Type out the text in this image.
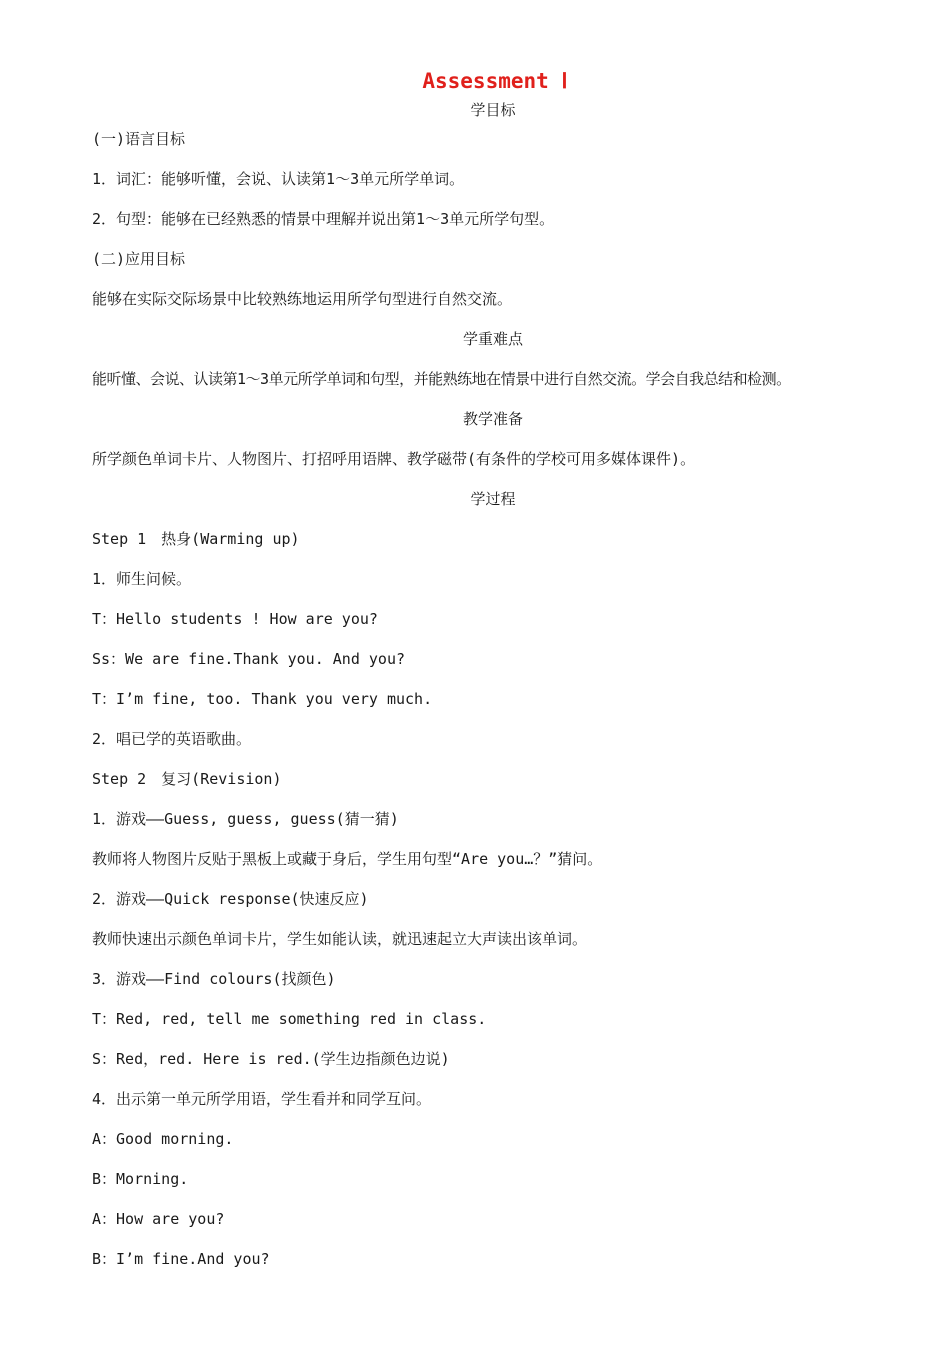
Assessment Ⅰ
学目标
(一)语言目标
1．词汇：能够听懂，会说、认读第1～3单元所学单词。
2．句型：能够在已经熟悉的情景中理解并说出第1～3单元所学句型。
(二)应用目标
能够在实际交际场景中比较熟练地运用所学句型进行自然交流。
学重难点
能听懂、会说、认读第1～3单元所学单词和句型，并能熟练地在情景中进行自然交流。学会自我总结和检测。
教学准备
所学颜色单词卡片、人物图片、打招呼用语牌、教学磁带(有条件的学校可用多媒体课件)。
学过程
Step 1　热身(Warming up)
1．师生问候。
T：Hello students ! How are you?
Ss：We are fine.Thank you. And you?
T：I’m fine, too. Thank you very much.
2．唱已学的英语歌曲。
Step 2　复习(Revision)
1．游戏——Guess, guess, guess(猜一猜)
教师将人物图片反贴于黑板上或藏于身后，学生用句型“Are you…？”猜问。
2．游戏——Quick response(快速反应)
教师快速出示颜色单词卡片，学生如能认读，就迅速起立大声读出该单词。
3．游戏——Find colours(找颜色)
T：Red, red, tell me something red in class.
S：Red，red. Here is red.(学生边指颜色边说)
4．出示第一单元所学用语，学生看并和同学互问。
A：Good morning.
B：Morning.
A：How are you?
B：I’m fine.And you?
